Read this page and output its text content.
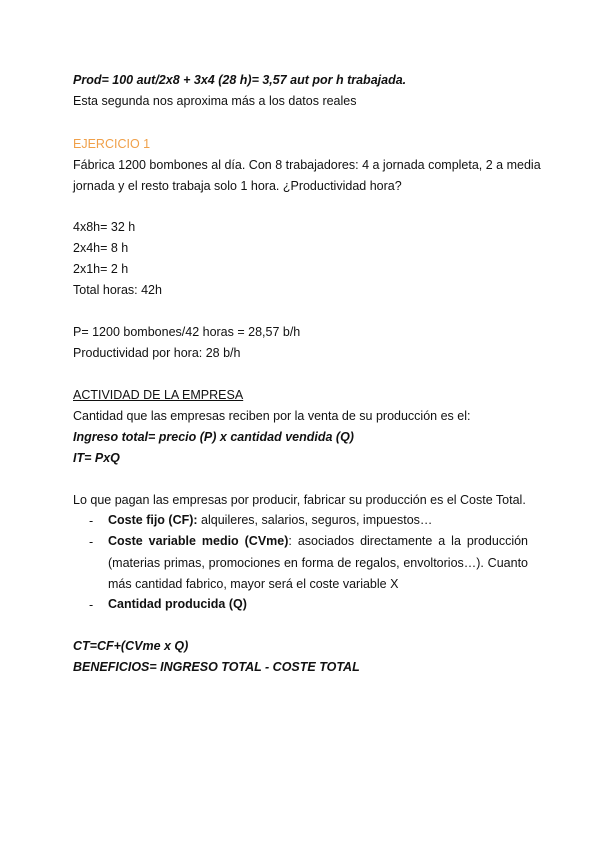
Prod= 100 aut/2x8 + 3x4 (28 h)= 3,57 aut por h trabajada.
Esta segunda nos aproxima más a los datos reales
EJERCICIO 1
Fábrica 1200 bombones al día. Con 8 trabajadores: 4 a jornada completa, 2 a media
jornada y el resto trabaja solo 1 hora. ¿Productividad hora?
4x8h= 32 h
2x4h= 8 h
2x1h= 2 h
Total horas: 42h
P= 1200 bombones/42 horas = 28,57 b/h
Productividad por hora: 28 b/h
ACTIVIDAD DE LA EMPRESA
Cantidad que las empresas reciben por la venta de su producción es el:
Ingreso total= precio (P) x cantidad vendida (Q)
IT= PxQ
Lo que pagan las empresas por producir, fabricar su producción es el Coste Total.
- Coste fijo (CF): alquileres, salarios, seguros, impuestos…
- Coste variable medio (CVme): asociados directamente a la producción (materias primas, promociones en forma de regalos, envoltorios…). Cuanto más cantidad fabrico, mayor será el coste variable X
- Cantidad producida (Q)
CT=CF+(CVme x Q)
BENEFICIOS= INGRESO TOTAL - COSTE TOTAL
